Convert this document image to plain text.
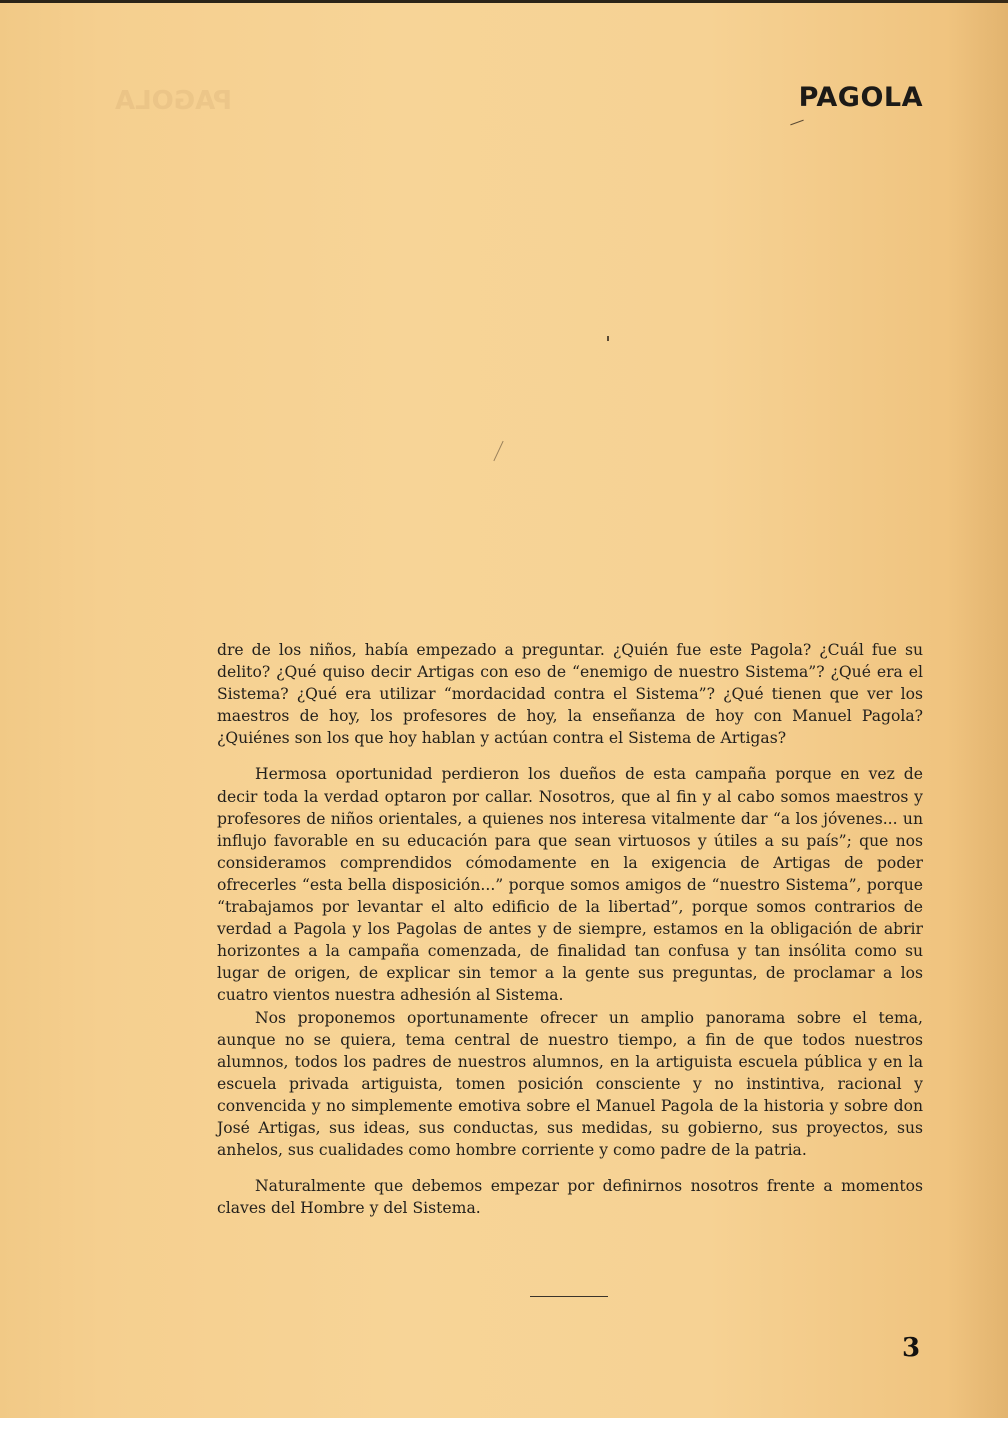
PAGOLA	PAGOLA

dre de los niños, había empezado a preguntar. ¿Quién fue este Pagola? ¿Cuál fue su delito? ¿Qué quiso decir Artigas con eso de “enemigo de nuestro Sistema”? ¿Qué era el Sistema? ¿Qué era utilizar “mordacidad contra el Sistema”? ¿Qué tienen que ver los maestros de hoy, los profesores de hoy, la enseñanza de hoy con Manuel Pagola? ¿Quiénes son los que hoy hablan y actúan contra el Sistema de Artigas?

Hermosa oportunidad perdieron los dueños de esta campaña porque en vez de decir toda la verdad optaron por callar. Nosotros, que al fin y al cabo somos maestros y profesores de niños orientales, a quienes nos interesa vitalmente dar “a los jóvenes... un influjo favorable en su educación para que sean virtuosos y útiles a su país”; que nos consideramos comprendidos cómodamente en la exigencia de Artigas de poder ofrecerles “esta bella disposición...” porque somos amigos de “nuestro Sistema”, porque “trabajamos por levantar el alto edificio de la libertad”, porque somos contrarios de verdad a Pagola y los Pagolas de antes y de siempre, estamos en la obligación de abrir horizontes a la campaña comenzada, de finalidad tan confusa y tan insólita como su lugar de origen, de explicar sin temor a la gente sus preguntas, de proclamar a los cuatro vientos nuestra adhesión al Sistema.

Nos proponemos oportunamente ofrecer un amplio panorama sobre el tema, aunque no se quiera, tema central de nuestro tiempo, a fin de que todos nuestros alumnos, todos los padres de nuestros alumnos, en la artiguista escuela pública y en la escuela privada artiguista, tomen posición consciente y no instintiva, racional y convencida y no simplemente emotiva sobre el Manuel Pagola de la historia y sobre don José Artigas, sus ideas, sus conductas, sus medidas, su gobierno, sus proyectos, sus anhelos, sus cualidades como hombre corriente y como padre de la patria.

Naturalmente que debemos empezar por definirnos nosotros frente a momentos claves del Hombre y del Sistema.

3
